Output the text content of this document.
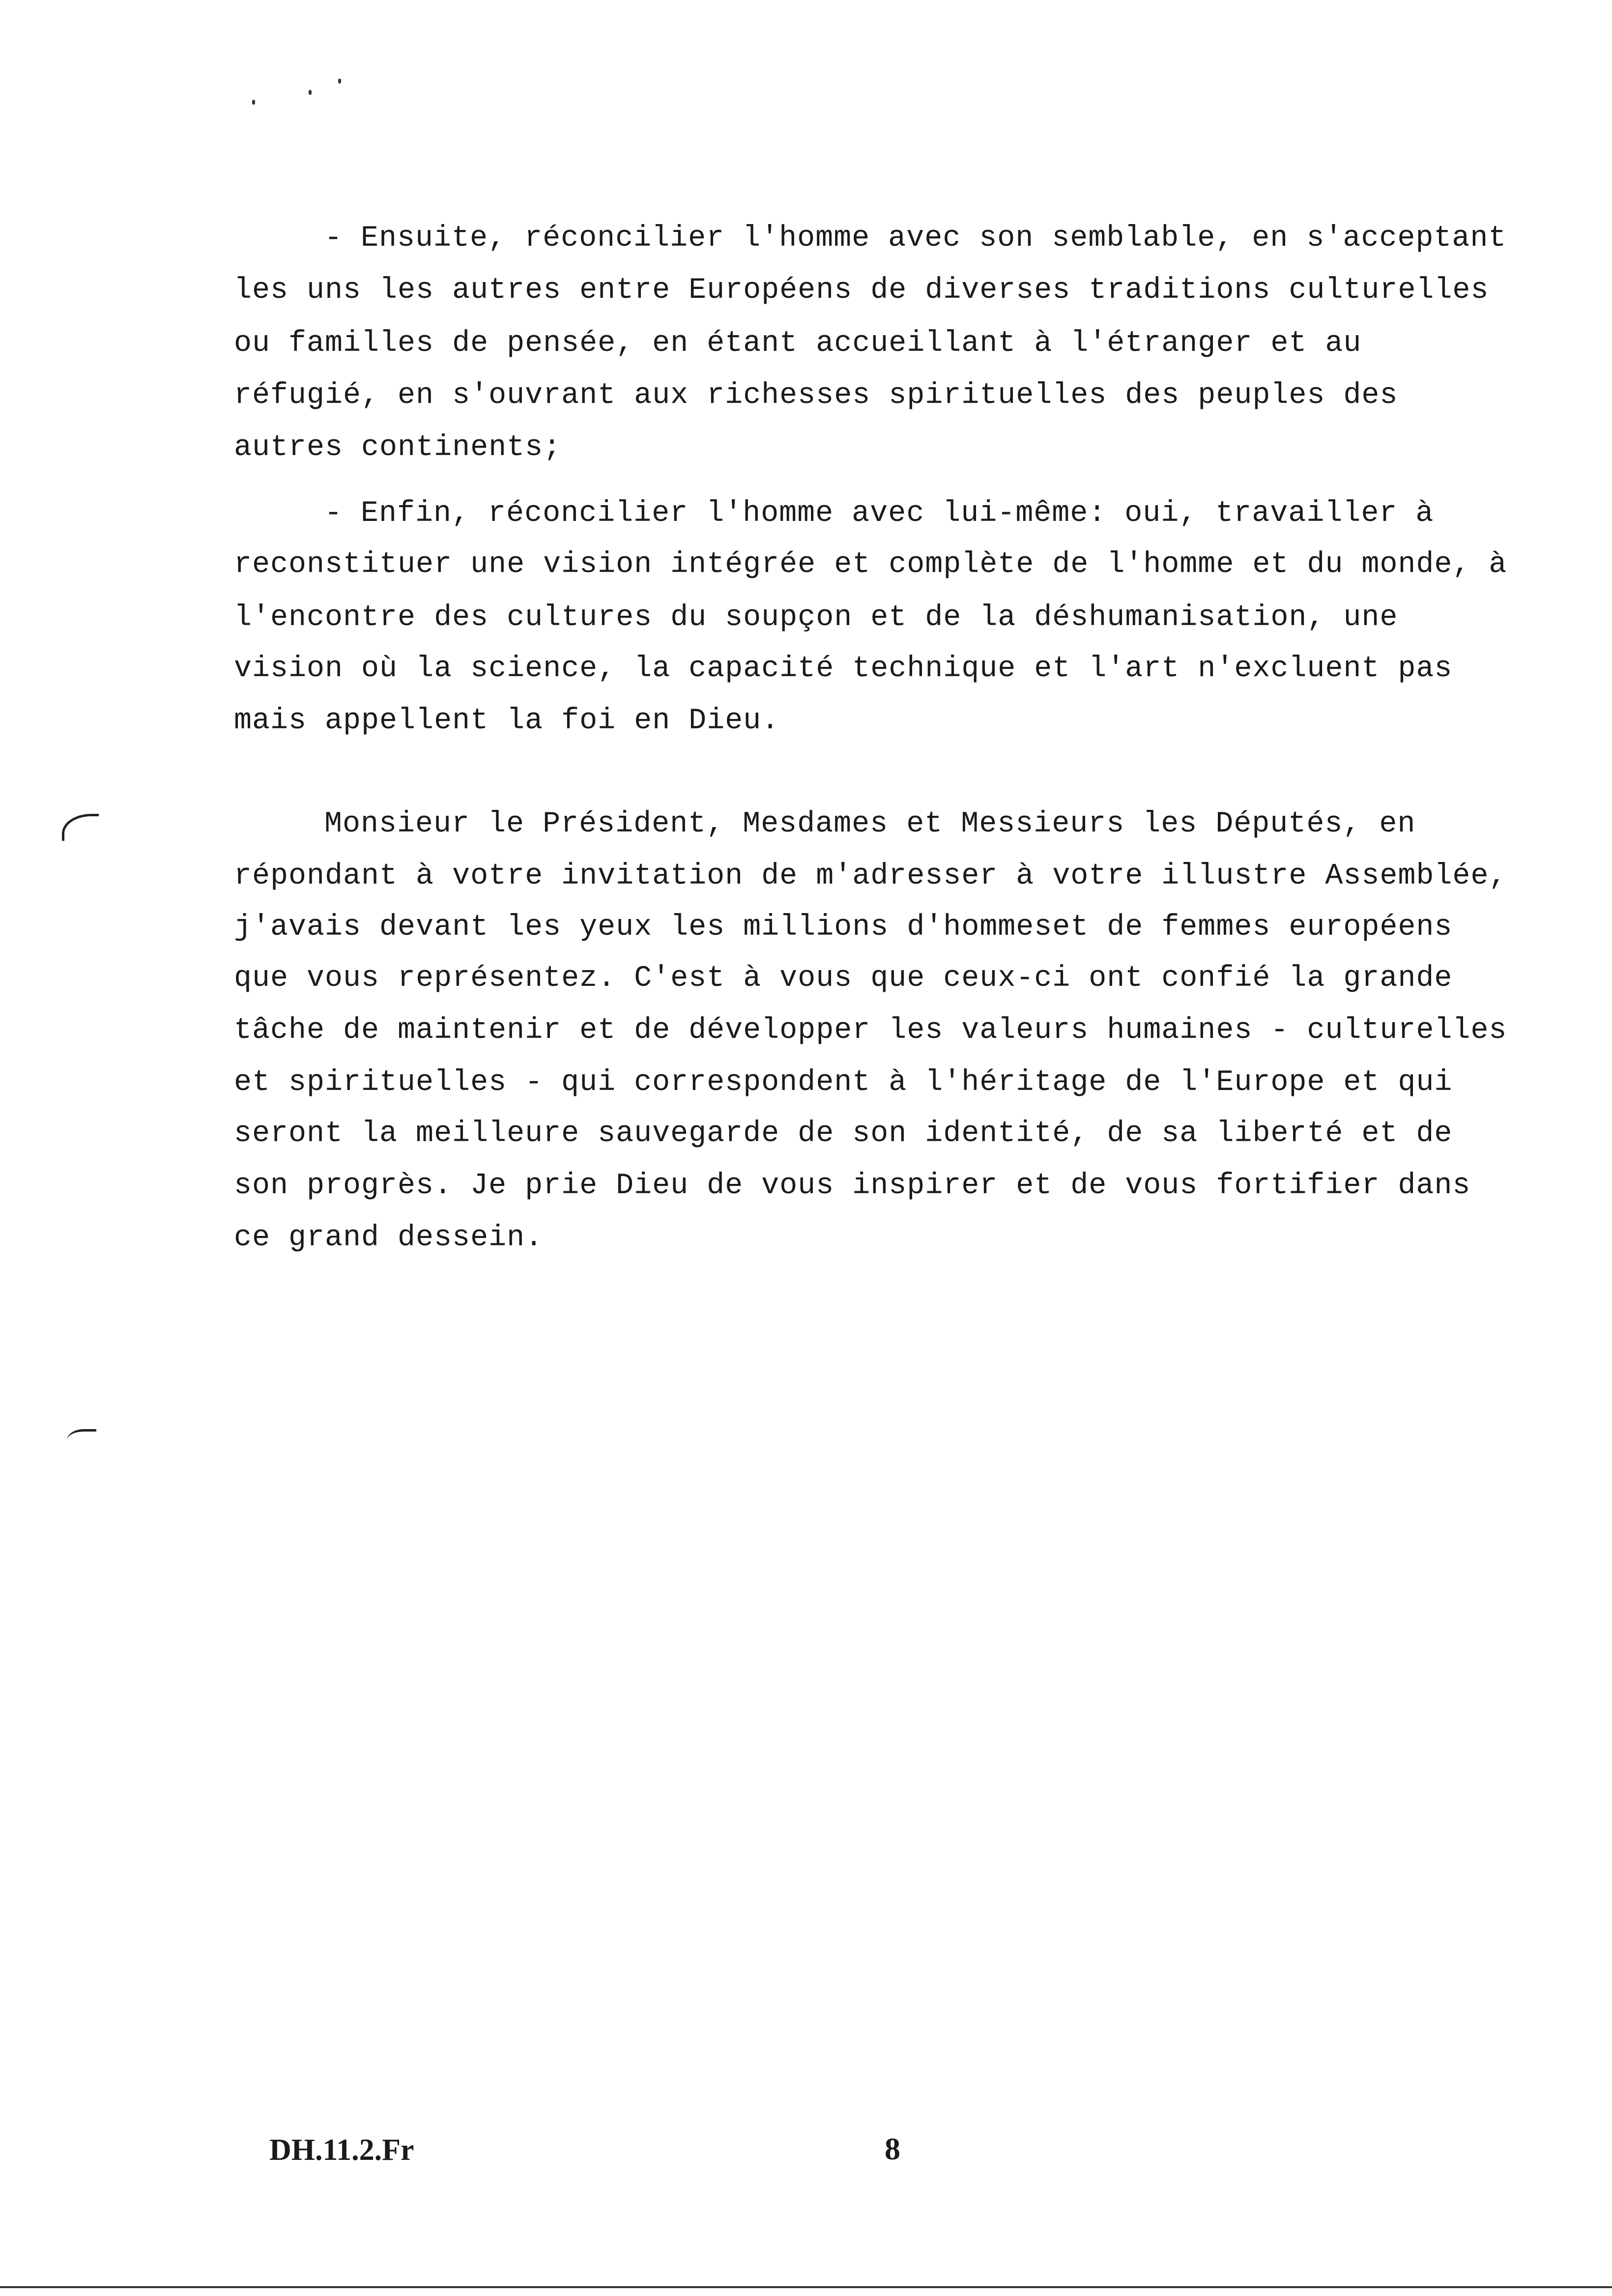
- Ensuite, réconcilier l'homme avec son semblable, en s'acceptant
les uns les autres entre Européens de diverses traditions culturelles
ou familles de pensée, en étant accueillant à l'étranger et au
réfugié, en s'ouvrant aux richesses spirituelles des peuples des
autres continents;
- Enfin, réconcilier l'homme avec lui-même: oui, travailler à
reconstituer une vision intégrée et complète de l'homme et du monde, à
l'encontre des cultures du soupçon et de la déshumanisation, une
vision où la science, la capacité technique et l'art n'excluent pas
mais appellent la foi en Dieu.
Monsieur le Président, Mesdames et Messieurs les Députés, en
répondant à votre invitation de m'adresser à votre illustre Assemblée,
j'avais devant les yeux les millions d'hommeset de femmes européens
que vous représentez. C'est à vous que ceux-ci ont confié la grande
tâche de maintenir et de développer les valeurs humaines - culturelles
et spirituelles - qui correspondent à l'héritage de l'Europe et qui
seront la meilleure sauvegarde de son identité, de sa liberté et de
son progrès. Je prie Dieu de vous inspirer et de vous fortifier dans
ce grand dessein.
DH.11.2.Fr	8
